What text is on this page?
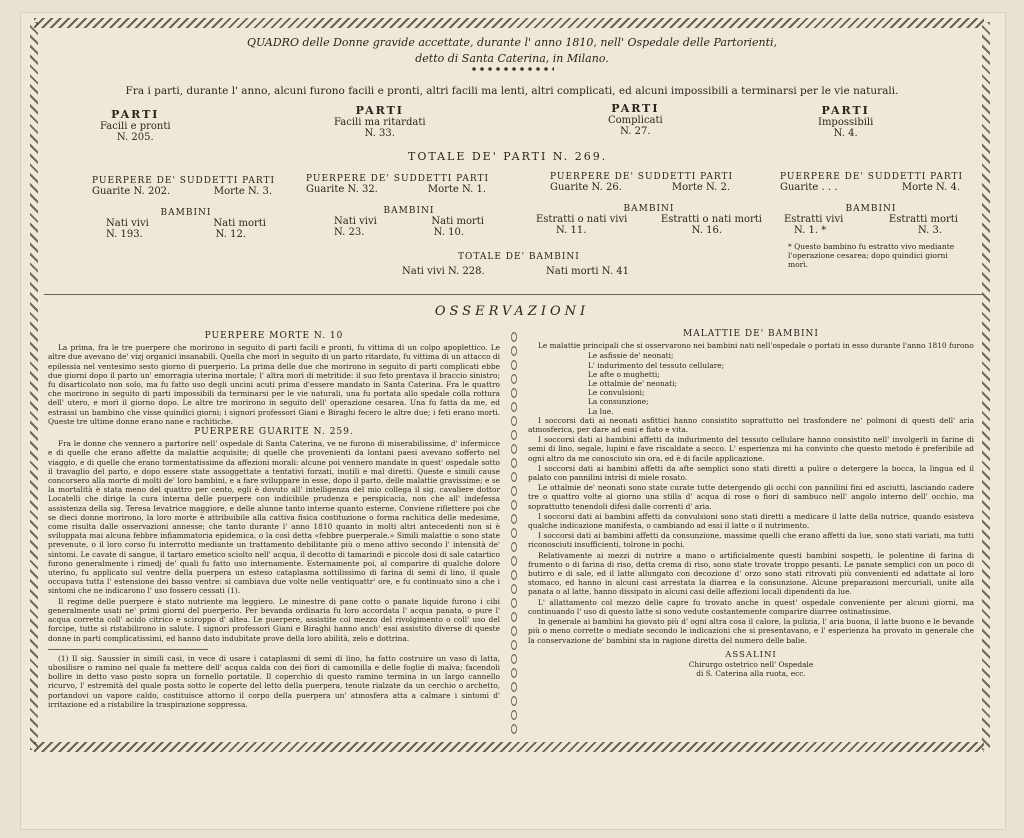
QUADRO delle Donne gravide accettate, durante l' anno 1810, nell' Ospedale delle Partorienti,
detto di Santa Caterina, in Milano.
Fra i parti, durante l' anno, alcuni furono facili e pronti, altri facili ma lenti, altri complicati, ed alcuni impossibili a terminarsi per le vie naturali.
PARTI
Facili e pronti
N. 205.
PARTI
Facili ma ritardati
N. 33.
PARTI
Complicati
N. 27.
PARTI
Impossibili
N. 4.
TOTALE DE' PARTI N. 269.
PUERPERE DE' SUDDETTI PARTI
Guarite N. 202.	Morte N. 3.
PUERPERE DE' SUDDETTI PARTI
Guarite N. 32.	Morte N. 1.
PUERPERE DE' SUDDETTI PARTI
Guarite N. 26.	Morte N. 2.
PUERPERE DE' SUDDETTI PARTI
Guarite . . .	Morte N. 4.
BAMBINI
Nati vivi	Nati morti
N. 193.	N. 12.
BAMBINI
Nati vivi	Nati morti
N. 23.	N. 10.
BAMBINI
Estratti o nati vivi	Estratti o nati morti
N. 11.	N. 16.
BAMBINI
Estratti vivi	Estratti morti
N. 1. *	N. 3.
* Questo bambino fu estratto vivo mediante l'operazione cesarea; dopo quindici giorni morì.
TOTALE DE' BAMBINI
Nati vivi N. 228.	Nati morti N. 41
OSSERVAZIONI
PUERPERE MORTE N. 10

La prima, fra le tre puerpere che morirono in seguito di parti facili e pronti, fu vittima di un colpo apoplettico. Le altre due avevano de' vizj organici insanabili. Quella che morì in seguito di un parto ritardato, fu vittima di un attacco di epilessia nel ventesimo sesto giorno di puerperio. La prima delle due che morirono in seguito di parti complicati ebbe due giorni dopo il parto un' emorragia uterina mortale; l' altra morì di metritide: il suo feto prentava il braccio sinistro; fu disarticolato non solo, ma fu fatto uso degli uncini acuti prima d'essere mandato in Santa Caterina. Fra le quattro che morirono in seguito di parti impossibili da terminarsi per le vie naturali, una fu portata allo spedale colla rottura dell' utero, e morì il giorno dopo. Le altre tre morirono in seguito dell' operazione cesarea. Una fu fatta da me, ed estrassi un bambino che visse quindici giorni; i signori professori Giani e Biraghi fecero le altre due; i feti erano morti. Queste tre ultime donne erano nane e rachitiche.

PUERPERE GUARITE N. 259.

Fra le donne che vennero a partorire nell' ospedale di Santa Caterina, ve ne furono di miserabilissime, d' infermicce e di quelle che erano affette da malattie acquisite; di quelle che provenienti da lontani paesi avevano sofferto nel viaggio, e di quelle che erano tormentatissime da affezioni morali: alcune poi vennero mandate in quest' ospedale sotto il travaglio del parto, e dopo essere state assoggettate a tentativi forzati, inutili e mal diretti. Queste e simili cause concorsero alla morte di molti de' loro bambini, e a fare sviluppare in esse, dopo il parto, delle malattie gravissime; e se la mortalità è stata meno del quattro per cento, egli è dovuto all' intelligenza del mio collega il sig. cavaliere dottor Locatelli che dirige la cura interna delle puerpere con indicibile prudenza e perspicacia, non che all' indefessa assistenza della sig. Teresa Ievatrice maggiore, e delle alunne tanto interne quanto esterne. Conviene riflettere poi che se dieci donne morirono, la loro morte è attribuibile alla cattiva fisica costituzione o forma rachitica delle medesime, come risulta dalle osservazioni annesse; che tanto durante l' anno 1810 quanto in molti altri antecedenti non si è sviluppata mai alcuna febbre infiammatoria epidemica, o la così detta «febbre puerperale.» Simili malattie o sono state prevenute, o il loro corso fu interrotto mediante un trattamento debilitante più o meno attivo secondo l' intensità de' sintomi. Le cavate di sangue, il tartaro emetico sciolto nell' acqua, il decotto di tamarindi e piccole dosi di sale catartico furono generalmente i rimedj de' quali fu fatto uso internamente. Esternamente poi, al comparire di qualche dolore uterino, fu applicato sul ventre della puerpera un esteso cataplasma sottilissimo di farina di semi di lino, il quale occupava tutta l' estensione dei basso ventre: si cambiava due volte nelle ventiquattr' ore, e fu continuato sino a che i sintomi che ne indicarono l' uso fossero cessati (1).

Il regime delle puerpere è stato nutriente ma leggiero. Le minestre di pane cotto o panate liquide furono i cibi generalmente usati ne' primi giorni del puerperio. Per bevanda ordinaria fu loro accordata l' acqua panata, o pure l' acqua corretta coll' acido citrico e sciroppo d' altea. Le puerpere, assistite col mezzo del rivolgimento o coll' uso del forcipe, tutte si ristabilirono in salute. I signori professori Giani e Biraghi hanno anch' essi assistito diverse di queste donne in parti complicatissimi, ed hanno dato indubitate prove della loro abilità, zelo e dottrina.

(1) Il sig. Saussier in simili casi, in vece di usare i cataplasmi di semi di lino, ha fatto costruire un vaso di latta, ubosilisre o ramino nel quale fa mettere dell' acqua calda con dei fiori di camomilla e delle foglie di malva; facendoli bollire in detto vaso posto sopra un fornello portatile. Il coperchio di questo ramino termina in un largo cannello ricurvo, l' estremità del quale posta sotto le coperte del letto della puerpera, tenute rialzate da un cerchio o archetto, portandovi un vapore caldo, costituisce attorno il corpo della puerpera un' atmosfera atta a calmare i sintomi d' irritazione ed a ristabilire la traspirazione soppressa.

MALATTIE DE' BAMBINI

Le malattie principali che si osservarono nei bambini nati nell'ospedale o portati in esso durante l'anno 1810 furono

Le asfissie de' neonati;
L' indurimento del tessuto cellulare;
Le afte o mughetti;
Le ottalmie de' neonati;
Le convulsioni;
La consunzione;
La lue.

I soccorsi dati ai neonati asfittici hanno consistito soprattutto nel trasfondere ne' polmoni di questi dell' aria atmosferica, per dare ad essi e fiato e vita.

I soccorsi dati ai bambini affetti da indurimento del tessuto cellulare hanno consistito nell' involgerli in farine di semi di lino, segale, lupini e fave riscaldate a secco. L' esperienza mi ha convinto che questo metodo è preferibile ad ogni altro da me conosciuto sin ora, ed è di facile applicazione.

I soccorsi dati ai bambini affetti da afte semplici sono stati diretti a pulire o detergere la bocca, la lingua ed il palato con pannilini intrisi di miele rosato.

Le ottalmie de' neonati sono state curate tutte detergendo gli occhi con pannilini fini ed asciutti, lasciando cadere tre o quattro volte al giorno una stilla d' acqua di rose o fiori di sambuco nell' angolo interno dell' occhio, ma soprattutto tenendoli difesi dalle correnti d' aria.

I soccorsi dati ai bambini affetti da convulsioni sono stati diretti a medicare il latte della nutrice, quando esisteva qualche indicazione manifesta, o cambiando ad essi il latte o il nutrimento.

I soccorsi dati ai bambini affetti da consunzione, massime quelli che erano affetti da lue, sono stati variati, ma tutti riconosciuti insufficienti, tolrone in pochi.

Relativamente ai mezzi di nutrire a mano o artificialmente questi bambini sospetti, le polentine di farina di frumento o di farina di riso, detta crema di riso, sono state trovate troppo pesanti. Le panate semplici con un poco di butirro e di sale, ed il latte allungato con decozione d' orzo sono stati ritrovati più convenienti ed adattate al loro stomaco, ed hanno in alcuni casi arrestata la diarrea e la consunzione. Alcune preparazioni mercuriali, unite alla panata o al latte, hanno dissipato in alcuni casi delle affezioni locali dipendenti da lue.

L' allattamento col mezzo delle capre fu trovato anche in quest' ospedale conveniente per alcuni giorni, ma continuando l' uso di questo latte si sono vedute costantemente comparire diarree ostinatissime.

In generale ai bambini ha giovato più d' ogni altra cosa il calore, la pulizia, l' aria buona, il latte buono e le bevande più o meno corrette o mediate secondo le indicazioni che si presentavano, e l' esperienza ha provato in generale che la conservazione de' bambini sta in ragione diretta del numero delle balie.

ASSALINI
Chirurgo ostetrico nell' Ospedale
di S. Caterina alla ruota, ecc.
